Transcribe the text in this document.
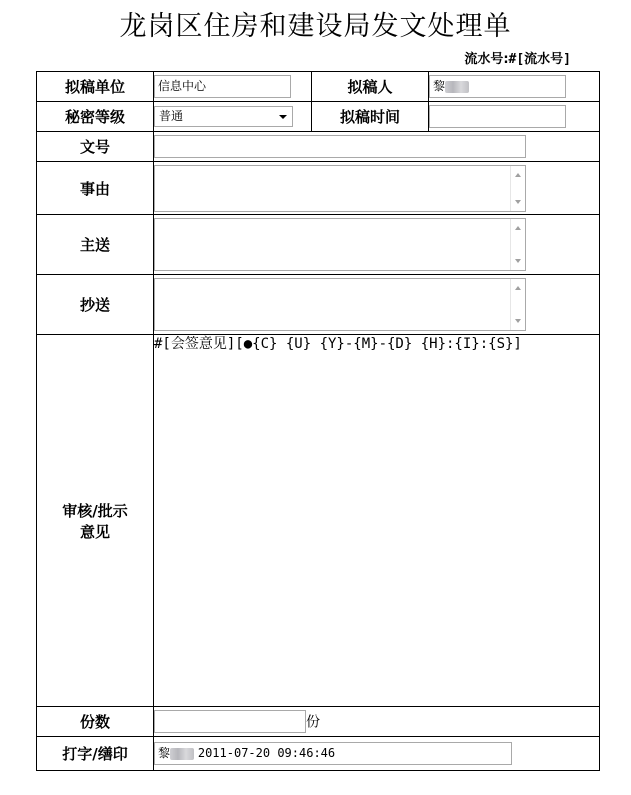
龙岗区住房和建设局发文处理单
流水号:#[流水号]
拟稿单位	信息中心	拟稿人	黎
秘密等级	普通	拟稿时间	
文号			
事由			

主送			

抄送			

审核/批示
意见	#[会签意见][●{C} {U} {Y}-{M}-{D} {H}:{I}:{S}]		
份数	份		
打字/缮印	黎 2011-07-20 09:46:46		
